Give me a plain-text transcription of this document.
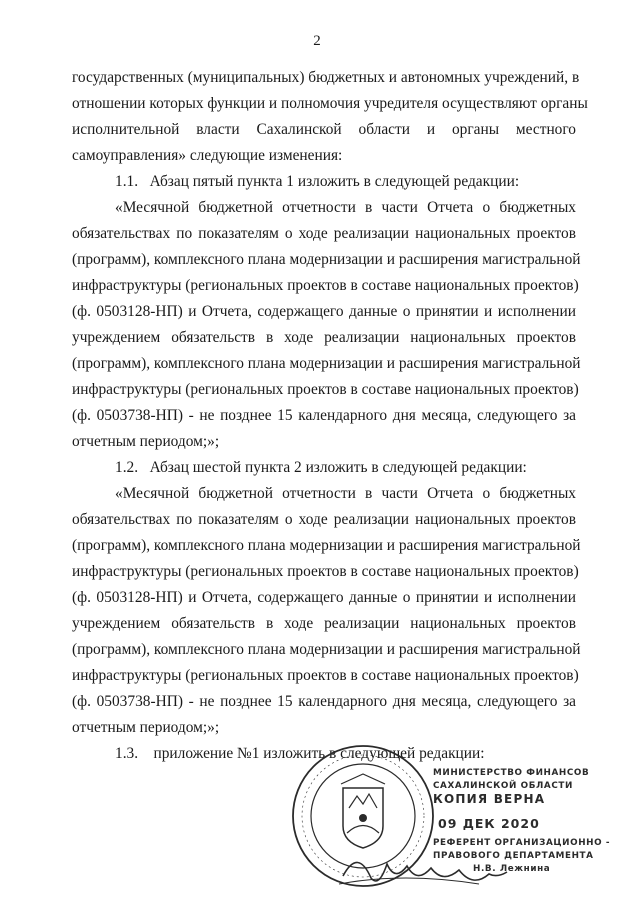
2
государственных (муниципальных) бюджетных и автономных учреждений, в
отношении которых функции и полномочия учредителя осуществляют органы
исполнительной власти Сахалинской области и органы местного
самоуправления» следующие изменения:
1.1.   Абзац пятый пункта 1 изложить в следующей редакции:
«Месячной бюджетной отчетности в части Отчета о бюджетных
обязательствах по показателям о ходе реализации национальных проектов
(программ), комплексного плана модернизации и расширения магистральной
инфраструктуры (региональных проектов в составе национальных проектов)
(ф. 0503128-НП) и Отчета, содержащего данные о принятии и исполнении
учреждением обязательств в ходе реализации национальных проектов
(программ), комплексного плана модернизации и расширения магистральной
инфраструктуры (региональных проектов в составе национальных проектов)
(ф. 0503738-НП) - не позднее 15 календарного дня месяца, следующего за
отчетным периодом;»;
1.2.   Абзац шестой пункта 2 изложить в следующей редакции:
«Месячной бюджетной отчетности в части Отчета о бюджетных
обязательствах по показателям о ходе реализации национальных проектов
(программ), комплексного плана модернизации и расширения магистральной
инфраструктуры (региональных проектов в составе национальных проектов)
(ф. 0503128-НП) и Отчета, содержащего данные о принятии и исполнении
учреждением обязательств в ходе реализации национальных проектов
(программ), комплексного плана модернизации и расширения магистральной
инфраструктуры (региональных проектов в составе национальных проектов)
(ф. 0503738-НП) - не позднее 15 календарного дня месяца, следующего за
отчетным периодом;»;
1.3.    приложение №1 изложить в следующей редакции:
МИНИСТЕРСТВО ФИНАНСОВ
САХАЛИНСКОЙ ОБЛАСТИ
КОПИЯ ВЕРНА
09 ДЕК 2020
РЕФЕРЕНТ ОРГАНИЗАЦИОННО -
ПРАВОВОГО ДЕПАРТАМЕНТА
Н.В. Лежнина
